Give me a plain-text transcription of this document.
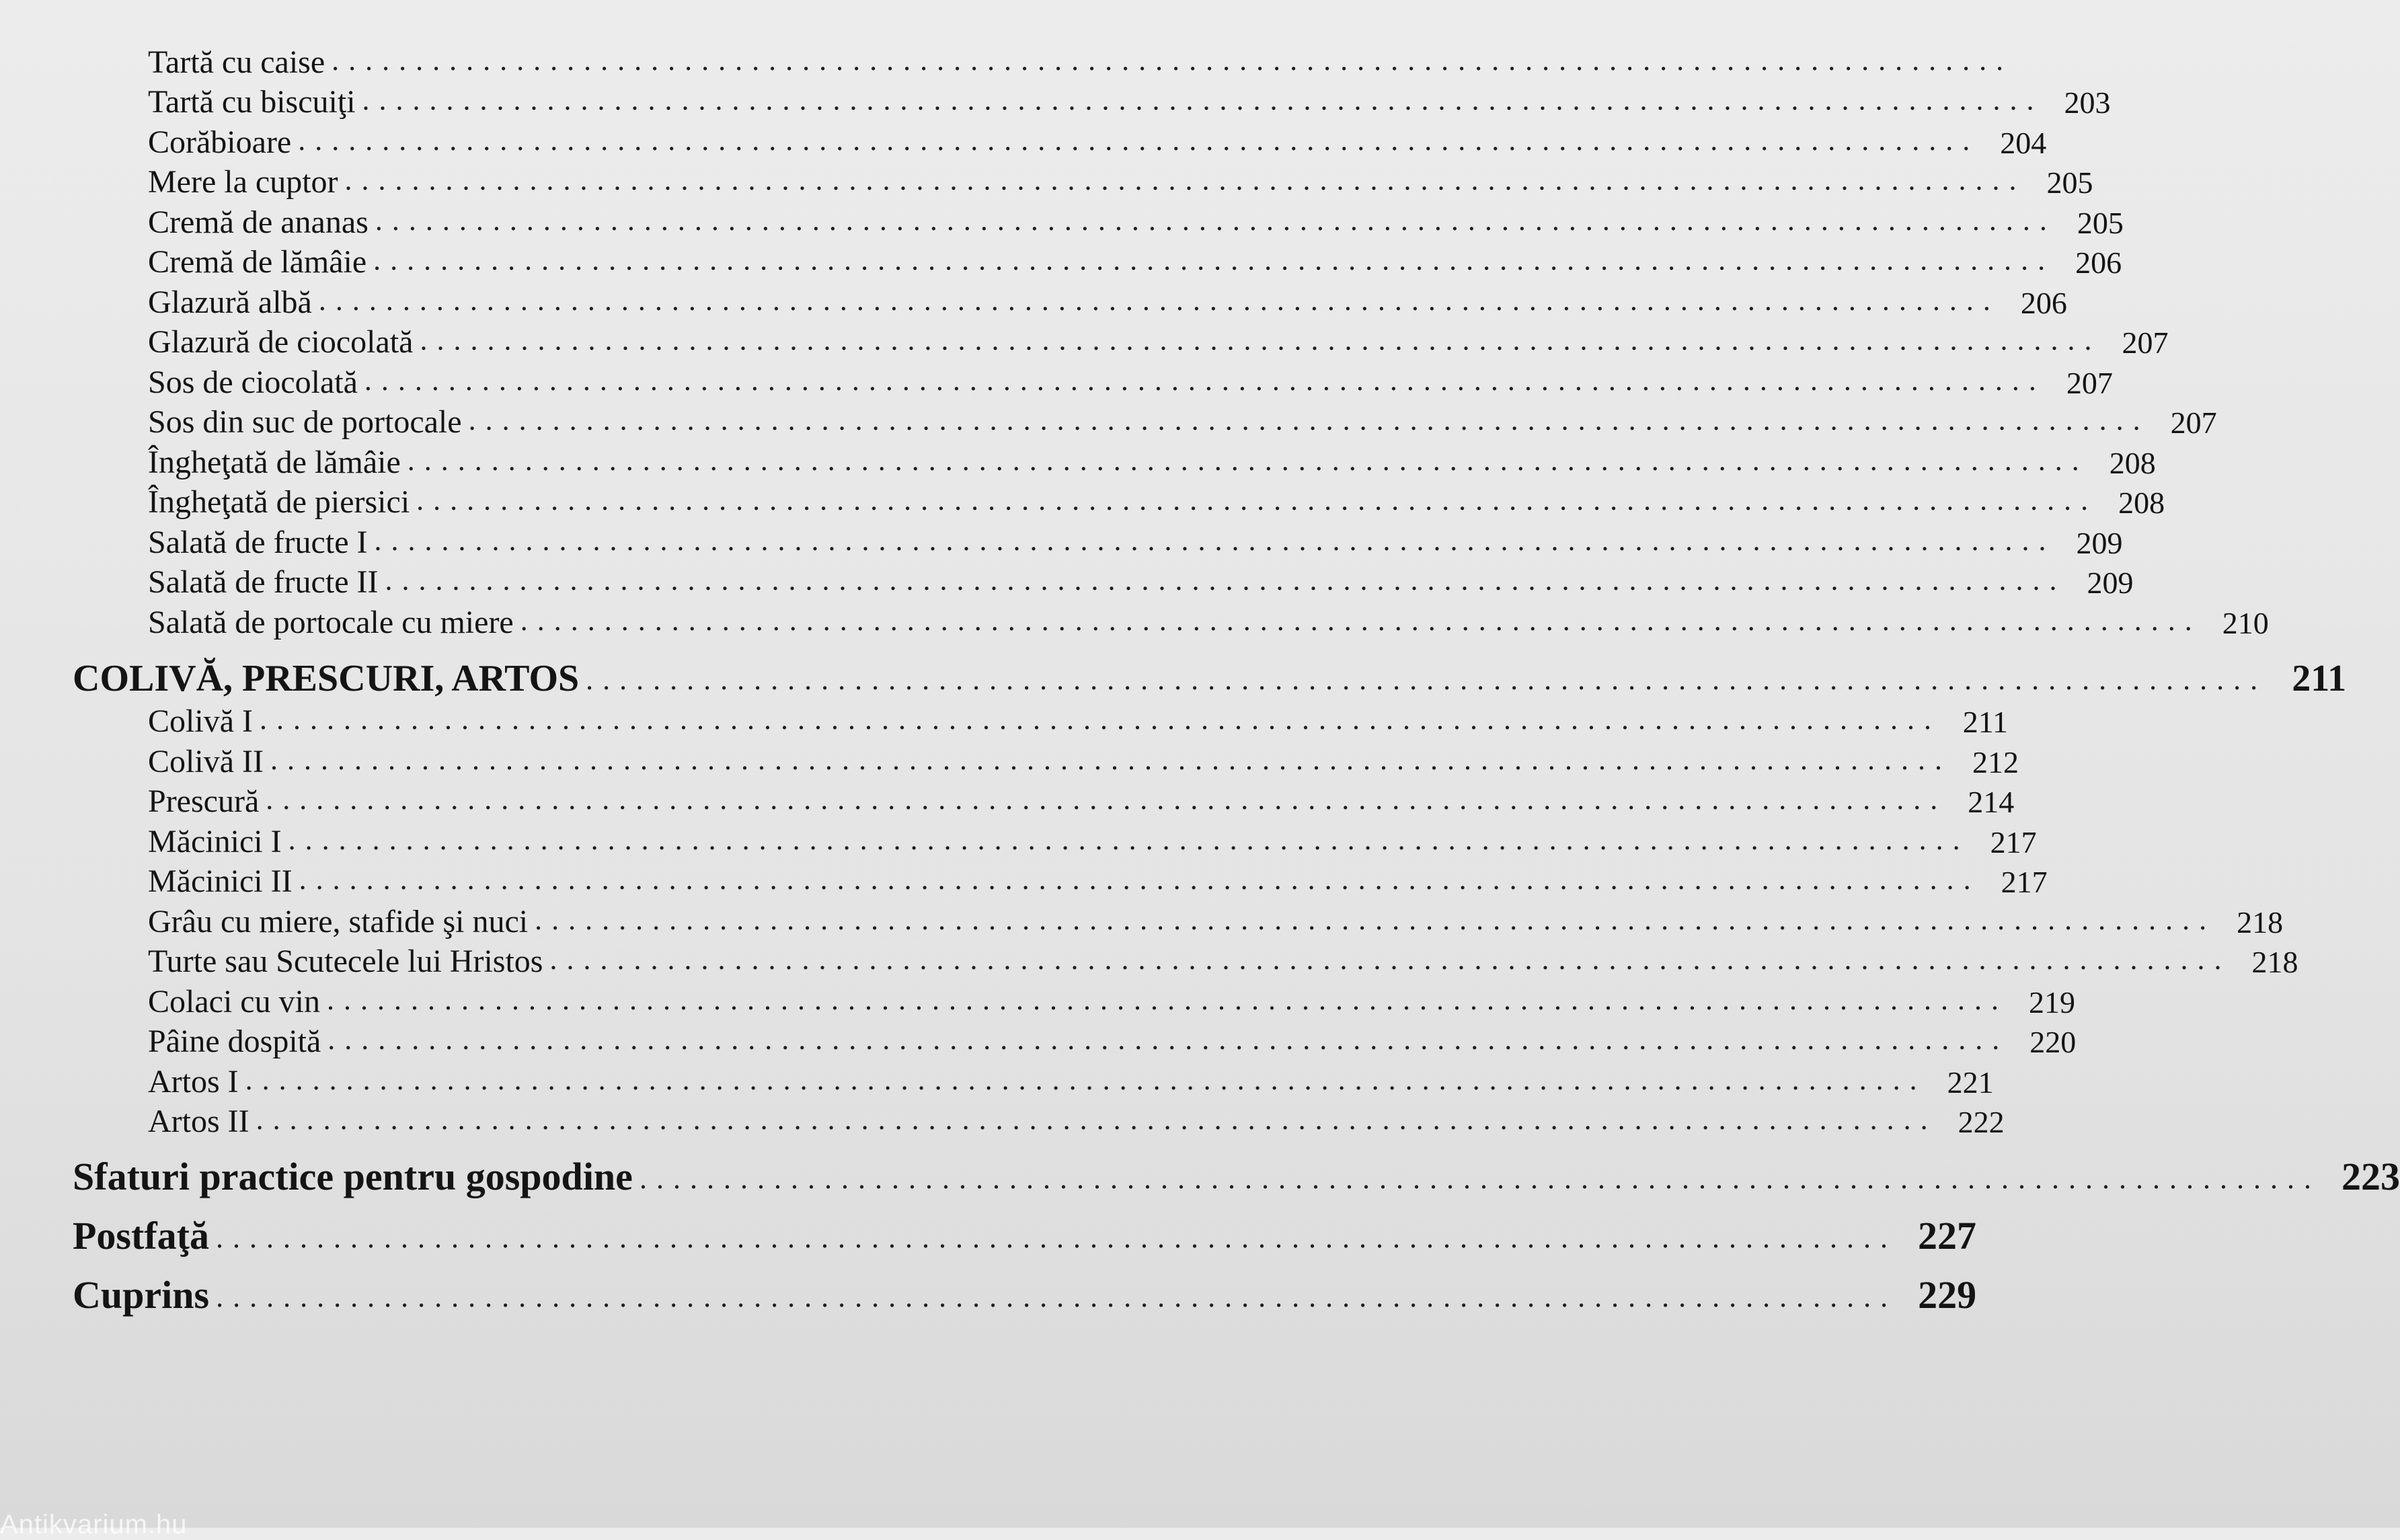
Tartă cu caise ....................................................................................................
Tartă cu biscuiţi .................................................................................................... 203
Corăbioare .................................................................................................... 204
Mere la cuptor .................................................................................................... 205
Cremă de ananas .................................................................................................... 205
Cremă de lămâie .................................................................................................... 206
Glazură albă .................................................................................................... 206
Glazură de ciocolată .................................................................................................... 207
Sos de ciocolată .................................................................................................... 207
Sos din suc de portocale .................................................................................................... 207
Îngheţată de lămâie .................................................................................................... 208
Îngheţată de piersici .................................................................................................... 208
Salată de fructe I .................................................................................................... 209
Salată de fructe II .................................................................................................... 209
Salată de portocale cu miere .................................................................................................... 210
COLIVĂ, PRESCURI, ARTOS .................................................................................................... 211
Colivă I .................................................................................................... 211
Colivă II .................................................................................................... 212
Prescură .................................................................................................... 214
Măcinici I .................................................................................................... 217
Măcinici II .................................................................................................... 217
Grâu cu miere, stafide şi nuci .................................................................................................... 218
Turte sau Scutecele lui Hristos .................................................................................................... 218
Colaci cu vin .................................................................................................... 219
Pâine dospită .................................................................................................... 220
Artos I .................................................................................................... 221
Artos II .................................................................................................... 222
Sfaturi practice pentru gospodine .................................................................................................... 223
Postfaţă .................................................................................................... 227
Cuprins .................................................................................................... 229
Antikvarium.hu
